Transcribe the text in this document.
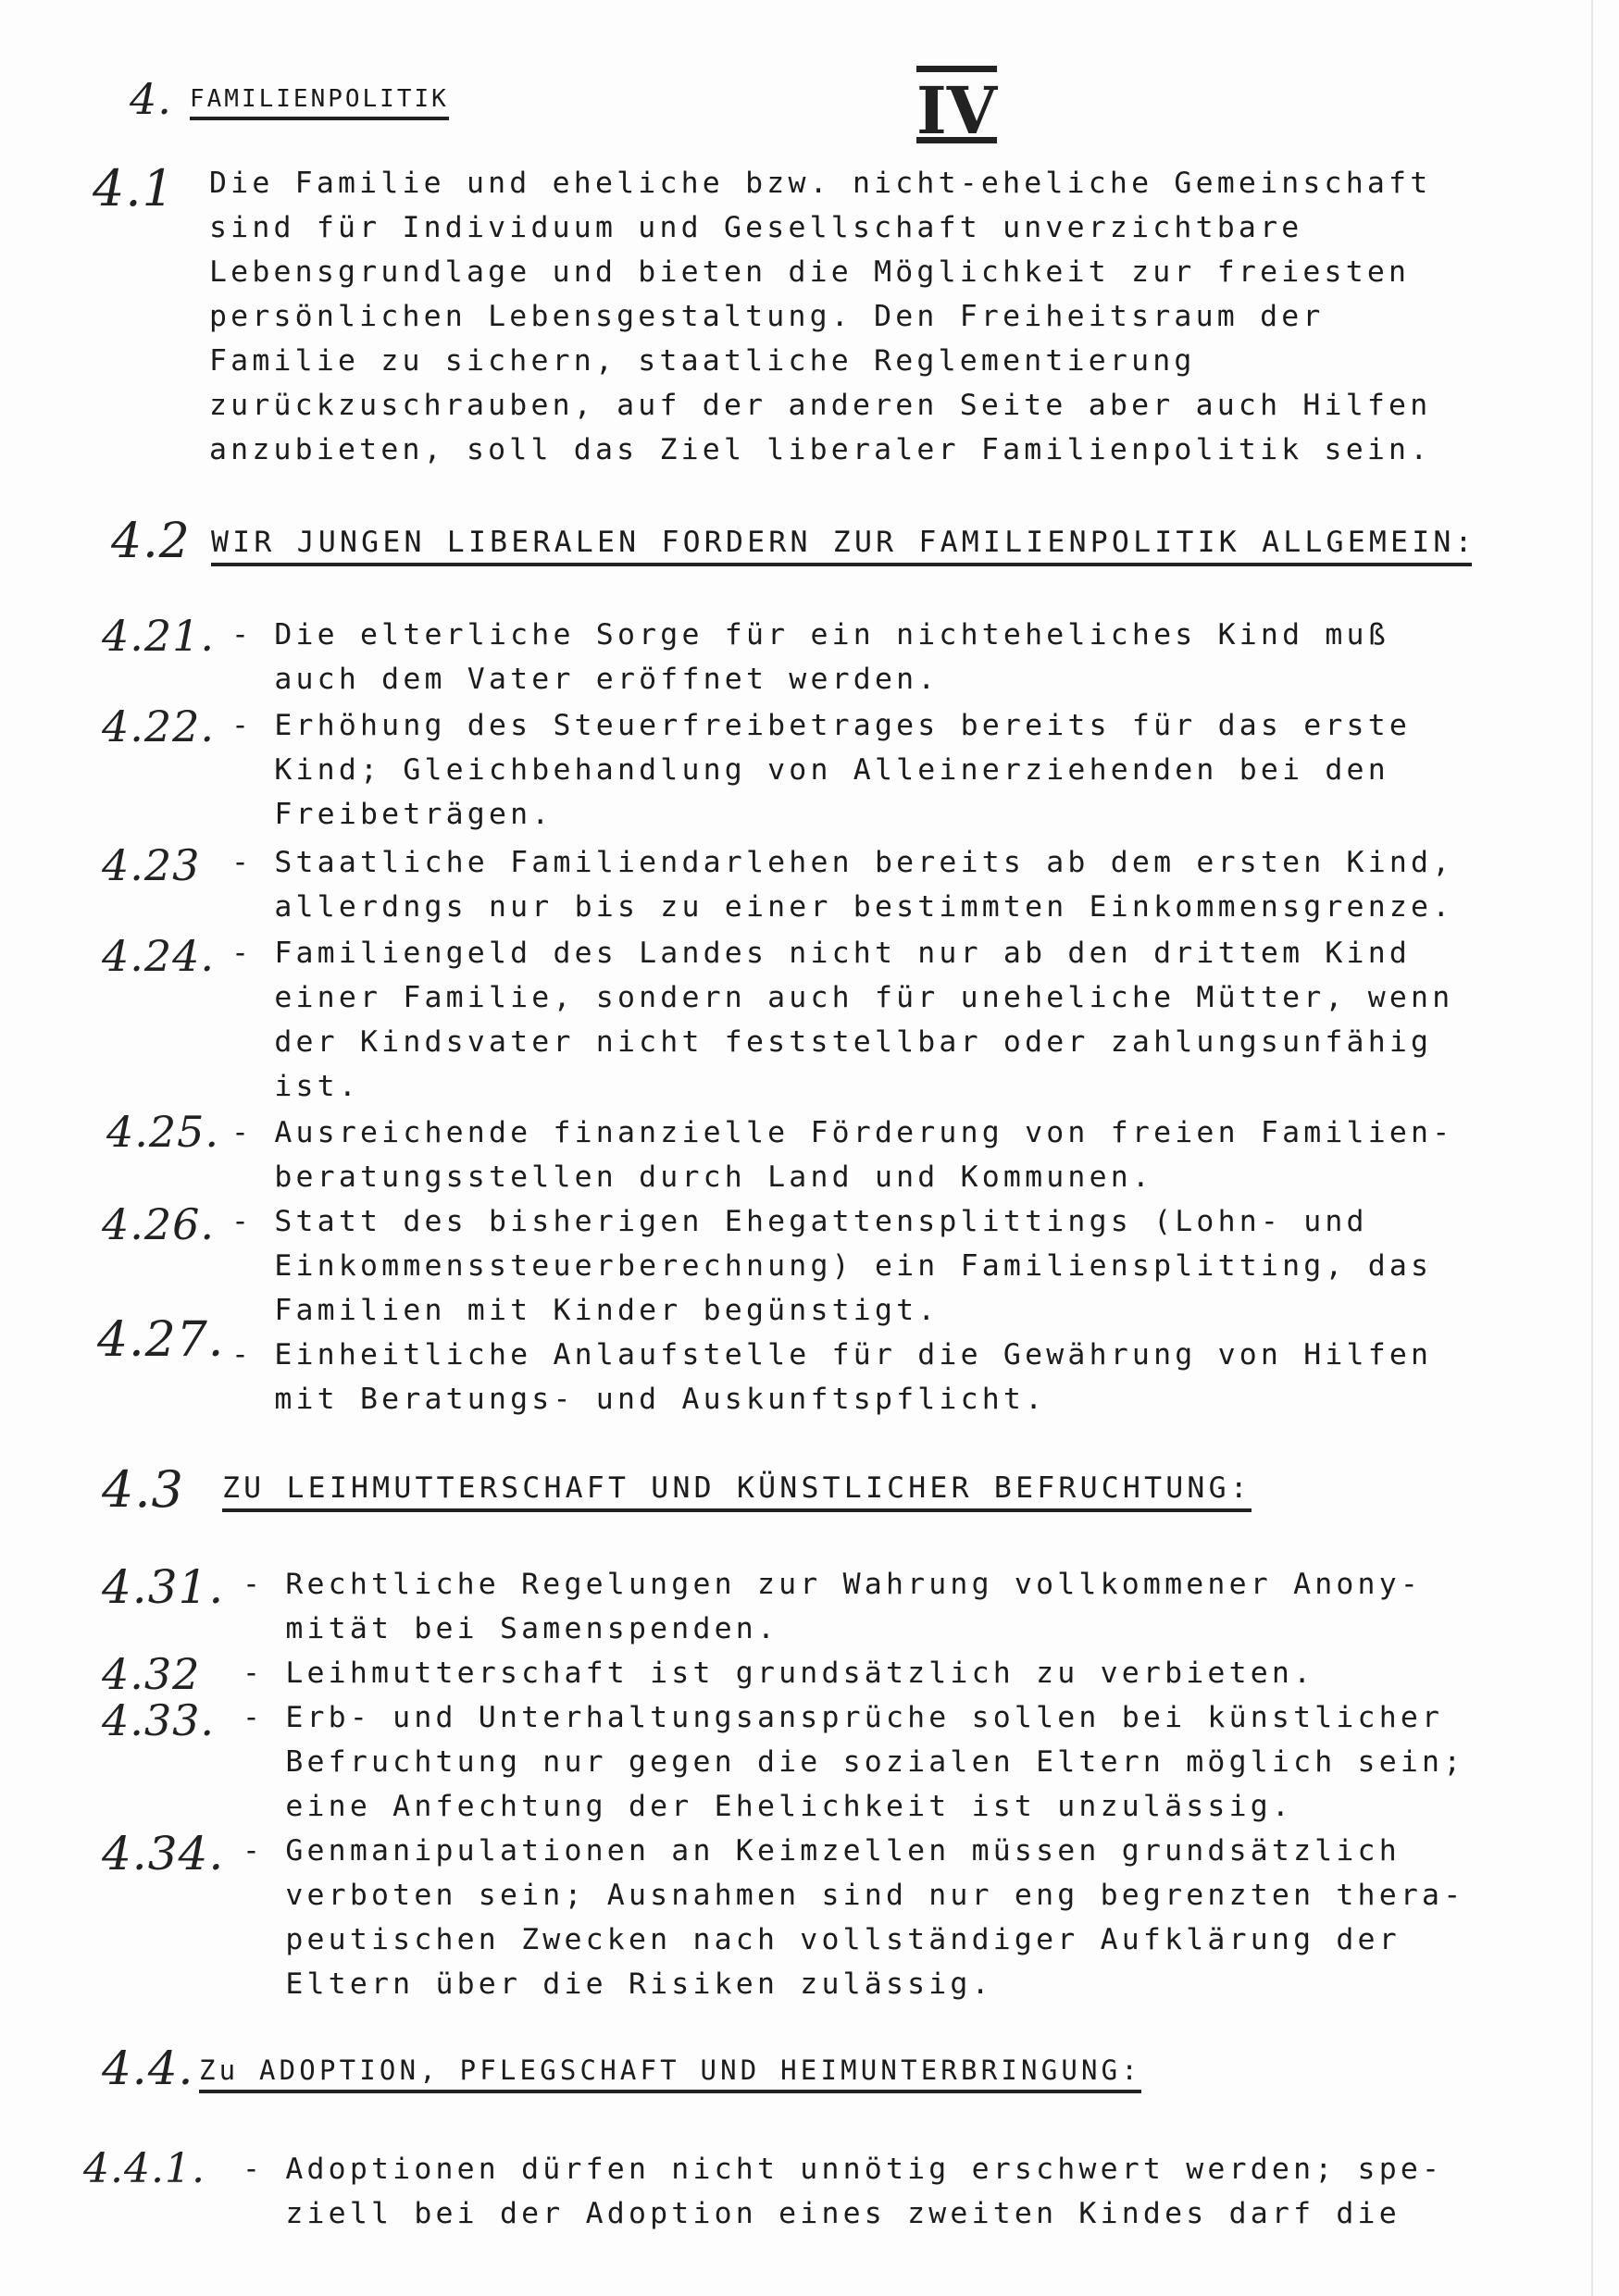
4. FAMILIENPOLITIK	IV
4.1 Die Familie und eheliche bzw. nicht-eheliche Gemeinschaft
sind für Individuum und Gesellschaft unverzichtbare
Lebensgrundlage und bieten die Möglichkeit zur freiesten
persönlichen Lebensgestaltung. Den Freiheitsraum der
Familie zu sichern, staatliche Reglementierung
zurückzuschrauben, auf der anderen Seite aber auch Hilfen
anzubieten, soll das Ziel liberaler Familienpolitik sein.
4.2 WIR JUNGEN LIBERALEN FORDERN ZUR FAMILIENPOLITIK ALLGEMEIN:
4.21. - Die elterliche Sorge für ein nichteheliches Kind muß
auch dem Vater eröffnet werden.
4.22. - Erhöhung des Steuerfreibetrages bereits für das erste
Kind; Gleichbehandlung von Alleinerziehenden bei den
Freibeträgen.
4.23 - Staatliche Familiendarlehen bereits ab dem ersten Kind,
allerdngs nur bis zu einer bestimmten Einkommensgrenze.
4.24. - Familiengeld des Landes nicht nur ab den drittem Kind
einer Familie, sondern auch für uneheliche Mütter, wenn
der Kindsvater nicht feststellbar oder zahlungsunfähig
ist.
4.25. - Ausreichende finanzielle Förderung von freien Familien-
beratungsstellen durch Land und Kommunen.
4.26. - Statt des bisherigen Ehegattensplittings (Lohn- und
Einkommenssteuerberechnung) ein Familiensplitting, das
Familien mit Kinder begünstigt.
4.27. - Einheitliche Anlaufstelle für die Gewährung von Hilfen
mit Beratungs- und Auskunftspflicht.
4.3 ZU LEIHMUTTERSCHAFT UND KÜNSTLICHER BEFRUCHTUNG:
4.31. - Rechtliche Regelungen zur Wahrung vollkommener Anony-
mität bei Samenspenden.
4.32 - Leihmutterschaft ist grundsätzlich zu verbieten.
4.33. - Erb- und Unterhaltungsansprüche sollen bei künstlicher
Befruchtung nur gegen die sozialen Eltern möglich sein;
eine Anfechtung der Ehelichkeit ist unzulässig.
4.34. - Genmanipulationen an Keimzellen müssen grundsätzlich
verboten sein; Ausnahmen sind nur eng begrenzten thera-
peutischen Zwecken nach vollständiger Aufklärung der
Eltern über die Risiken zulässig.
4.4. Zu ADOPTION, PFLEGSCHAFT UND HEIMUNTERBRINGUNG:
4.4.1. - Adoptionen dürfen nicht unnötig erschwert werden; spe-
ziell bei der Adoption eines zweiten Kindes darf die
